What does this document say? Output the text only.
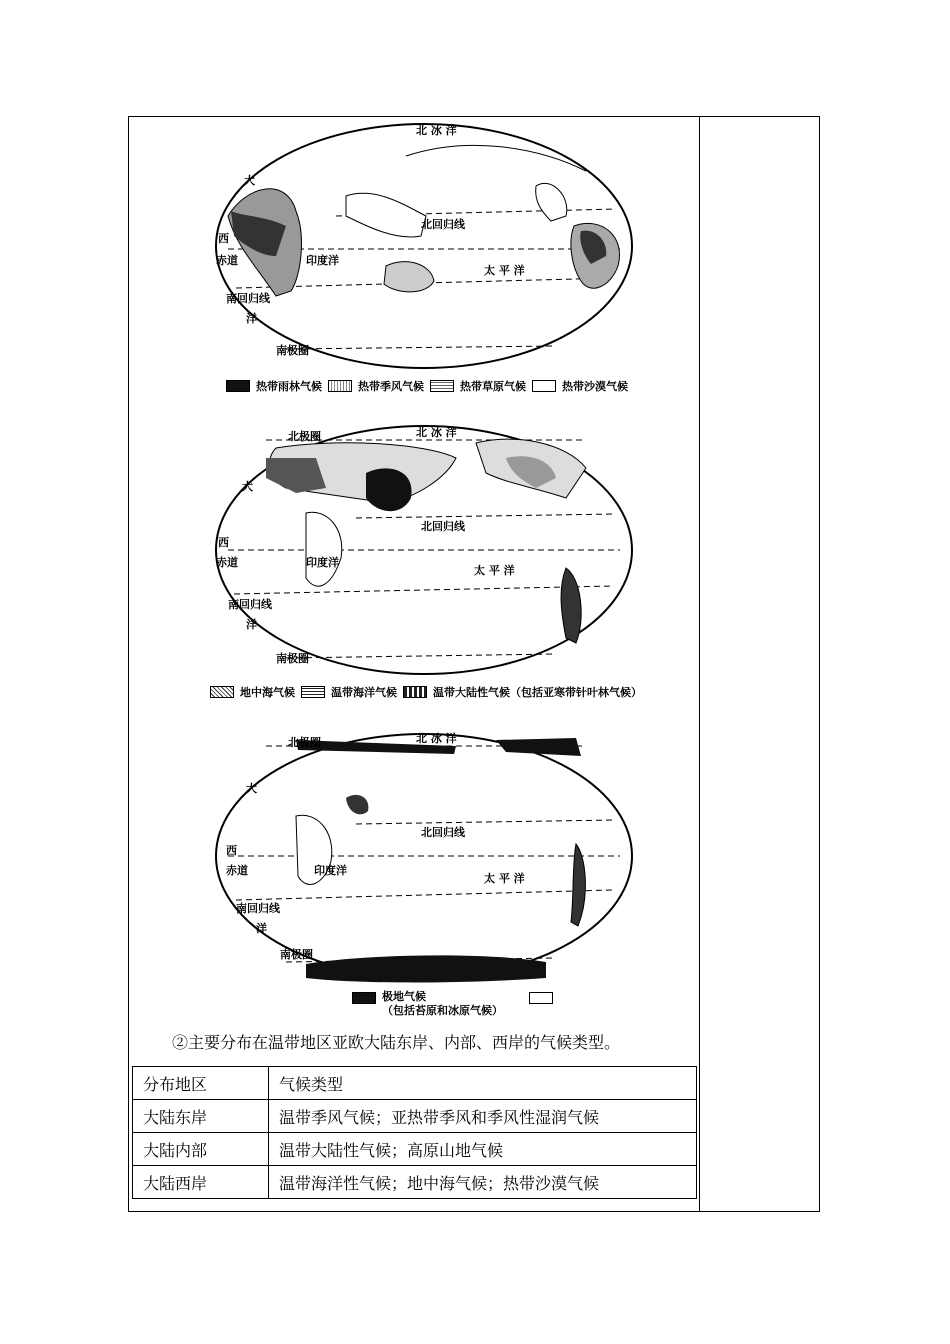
北 冰 洋
北回归线
赤道
南回归线
南极圈
印度洋
太 平 洋
大
西
洋
热带雨林气候	热带季风气候	热带草原气候	热带沙漠气候
北 冰 洋
北极圈
北回归线
赤道
南回归线
南极圈
印度洋
太 平 洋
大
西
洋
地中海气候	温带海洋气候	温带大陆性气候（包括亚寒带针叶林气候）
北 冰 洋
北极圈
北回归线
赤道
南回归线
南极圈
印度洋
太 平 洋
大
西
洋
极地气候
（包括苔原和冰原气候）
②主要分布在温带地区亚欧大陆东岸、内部、西岸的气候类型。
分布地区	气候类型
大陆东岸	温带季风气候；亚热带季风和季风性湿润气候
大陆内部	温带大陆性气候；高原山地气候
大陆西岸	温带海洋性气候；地中海气候；热带沙漠气候
